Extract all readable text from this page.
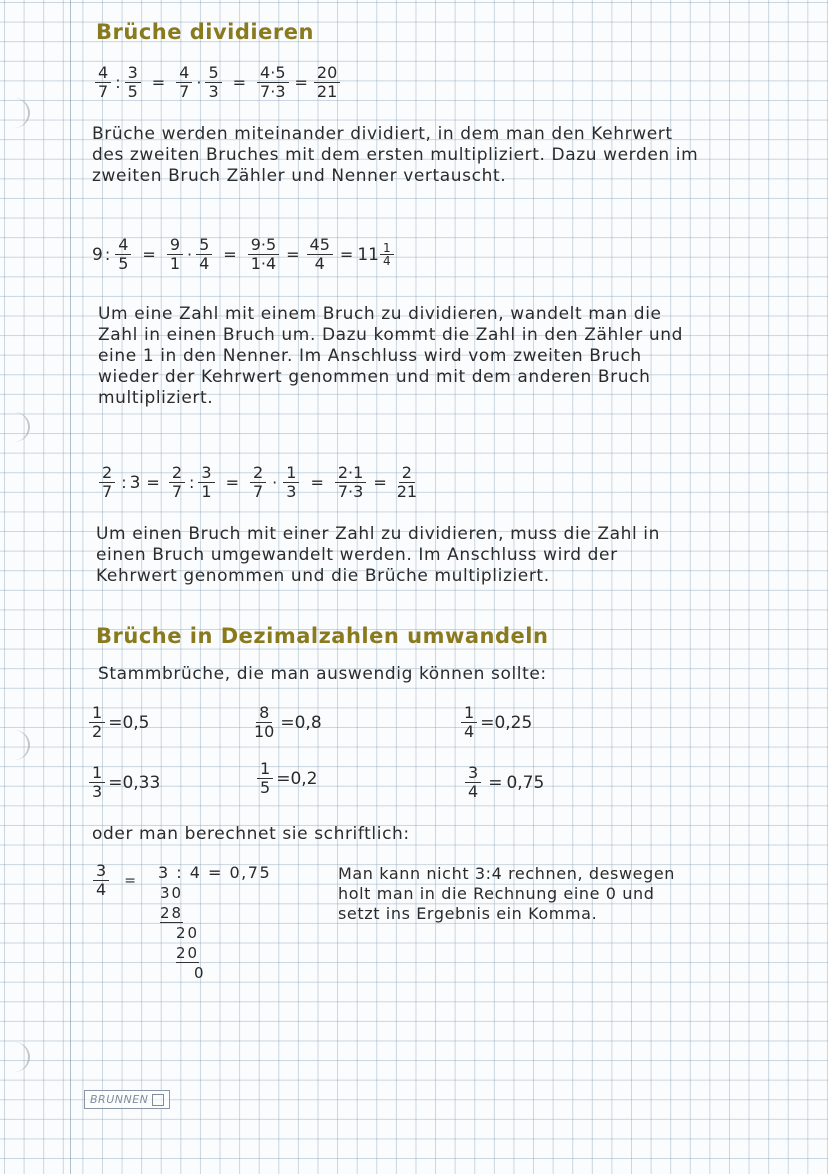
Brüche dividieren
$\frac{4}{7}$ : $\frac{3}{5} = \frac{4}{7} \cdot \frac{5}{3} = \frac{4\cdot 5}{7\cdot 3} = \frac{20}{21}$
Brüche werden miteinander dividiert, in dem man den Kehrwert des zweiten Bruches mit dem ersten multipliziert. Dazu werden im zweiten Bruch Zähler und Nenner vertauscht.
9 : $\frac{4}{5} = \frac{9}{1} \cdot \frac{5}{4} = \frac{9\cdot 5}{1\cdot 4} = \frac{45}{4} = 11 \frac{1}{4}$
Um eine Zahl mit einem Bruch zu dividieren, wandelt man die Zahl in einen Bruch um. Dazu kommt die Zahl in den Zähler und eine 1 in den Nenner. Im Anschluss wird vom zweiten Bruch wieder der Kehrwert genommen und mit dem anderen Bruch multipliziert.
$\frac{2}{7}$ : $3 = \frac{2}{7}$ : $\frac{3}{1} = \frac{2}{7} \cdot \frac{1}{3} = \frac{2\cdot 1}{7\cdot 3} = \frac{2}{21}$
Um einen Bruch mit einer Zahl zu dividieren, muss die Zahl in einen Bruch umgewandelt werden. Im Anschluss wird der Kehrwert genommen und die Brüche multipliziert.
Brüche in Dezimalzahlen umwandeln
Stammbrüche, die man auswendig können sollte:
$\frac{1}{2} =0,5$	$\frac{8}{10} =0,8$	$\frac{1}{4} =0,25$
$\frac{1}{3} =0,33$	$\frac{1}{5} =0,2$	$\frac{3}{4} = 0,75$
oder man berechnet sie schriftlich:
$\frac{3}{4} = 3$ : 4 = 0,75
30
28
20
20
0
Man kann nicht 3:4 rechnen, deswegen holt man in die Rechnung eine 0 und setzt ins Ergebnis ein Komma.
BRUNNEN
